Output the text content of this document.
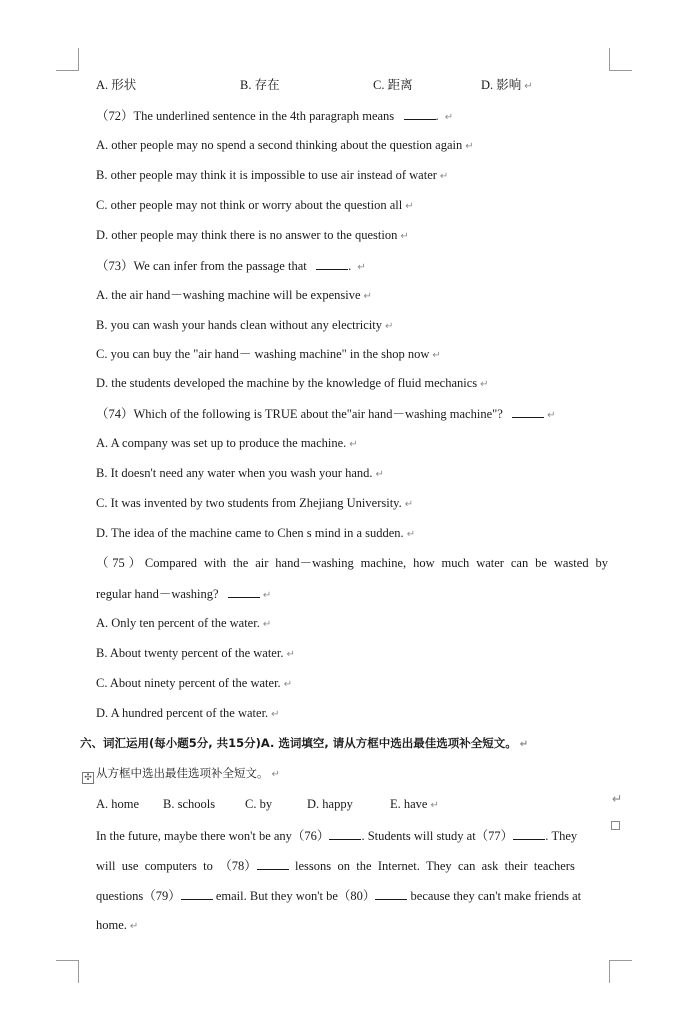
A. 形状	B. 存在	C. 距离	D. 影响 ↵
（72）The underlined sentence in the 4th paragraph means	. ↵
A. other people may no spend a second thinking about the question again ↵
B. other people may think it is impossible to use air instead of water ↵
C. other people may not think or worry about the question all ↵
D. other people may think there is no answer to the question ↵
（73）We can infer from the passage that	. ↵
A. the air hand－washing machine will be expensive ↵
B. you can wash your hands clean without any electricity ↵
C. you can buy the "air hand－ washing machine" in the shop now ↵
D. the students developed the machine by the knowledge of fluid mechanics ↵
（74）Which of the following is TRUE about the"air hand－washing machine"?	↵
A. A company was set up to produce the machine. ↵
B. It doesn't need any water when you wash your hand. ↵
C. It was invented by two students from Zhejiang University. ↵
D. The idea of the machine came to Chen s mind in a sudden. ↵
（75）Compared with the air hand－washing machine, how much water can be wasted by
regular hand－washing?	↵
A. Only ten percent of the water. ↵
B. About twenty percent of the water. ↵
C. About ninety percent of the water. ↵
D. A hundred percent of the water. ↵
六、词汇运用(每小题5分, 共15分)A. 选词填空, 请从方框中选出最佳选项补全短文。 ↵
✣ 从方框中选出最佳选项补全短文。 ↵
A. home B. schools C. by	D. happy	E. have ↵	↵
In the future, maybe there won't be any（76）	. Students will study at（77）	. They
will use computers to （78）	lessons on the Internet. They can ask their teachers
questions（79）	email. But they won't be（80）	because they can't make friends at
home. ↵
